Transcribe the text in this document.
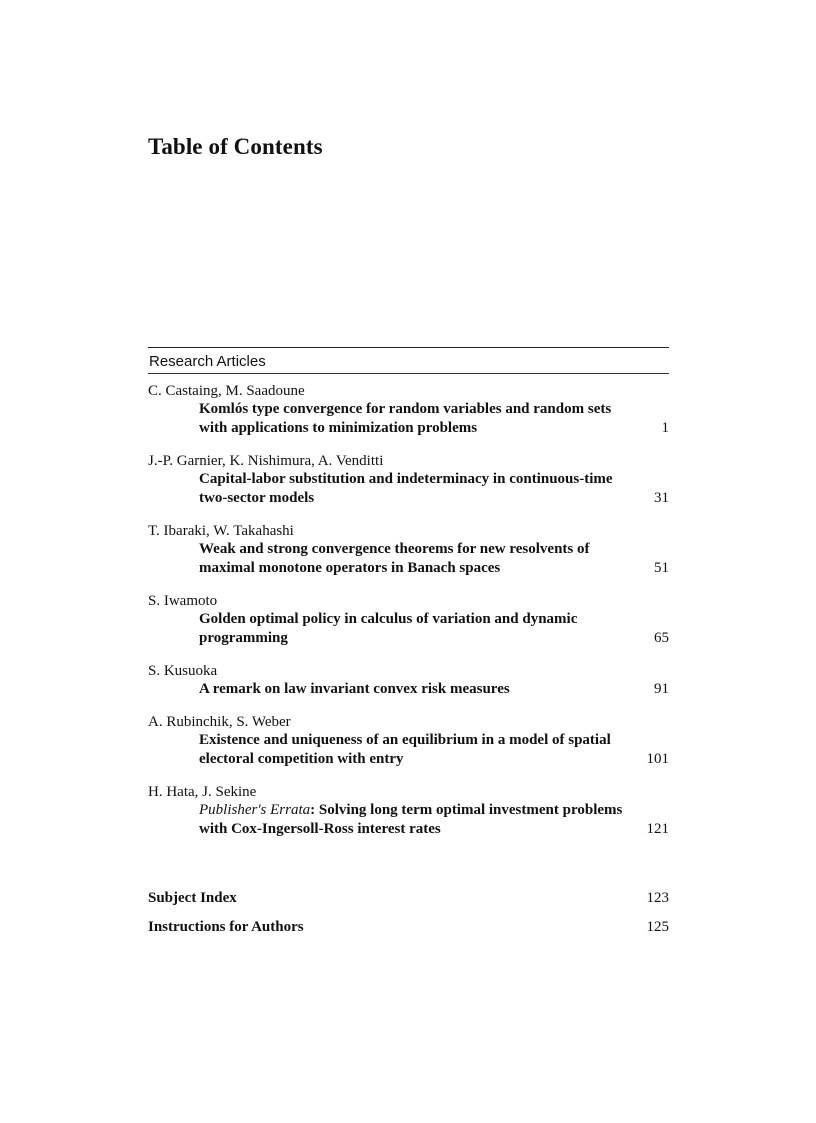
Table of Contents
Research Articles
C. Castaing, M. Saadoune
Komlós type convergence for random variables and random sets with applications to minimization problems	1
J.-P. Garnier, K. Nishimura, A. Venditti
Capital-labor substitution and indeterminacy in continuous-time two-sector models	31
T. Ibaraki, W. Takahashi
Weak and strong convergence theorems for new resolvents of maximal monotone operators in Banach spaces	51
S. Iwamoto
Golden optimal policy in calculus of variation and dynamic programming	65
S. Kusuoka
A remark on law invariant convex risk measures	91
A. Rubinchik, S. Weber
Existence and uniqueness of an equilibrium in a model of spatial electoral competition with entry	101
H. Hata, J. Sekine
Publisher's Errata: Solving long term optimal investment problems with Cox-Ingersoll-Ross interest rates	121
Subject Index	123
Instructions for Authors	125
